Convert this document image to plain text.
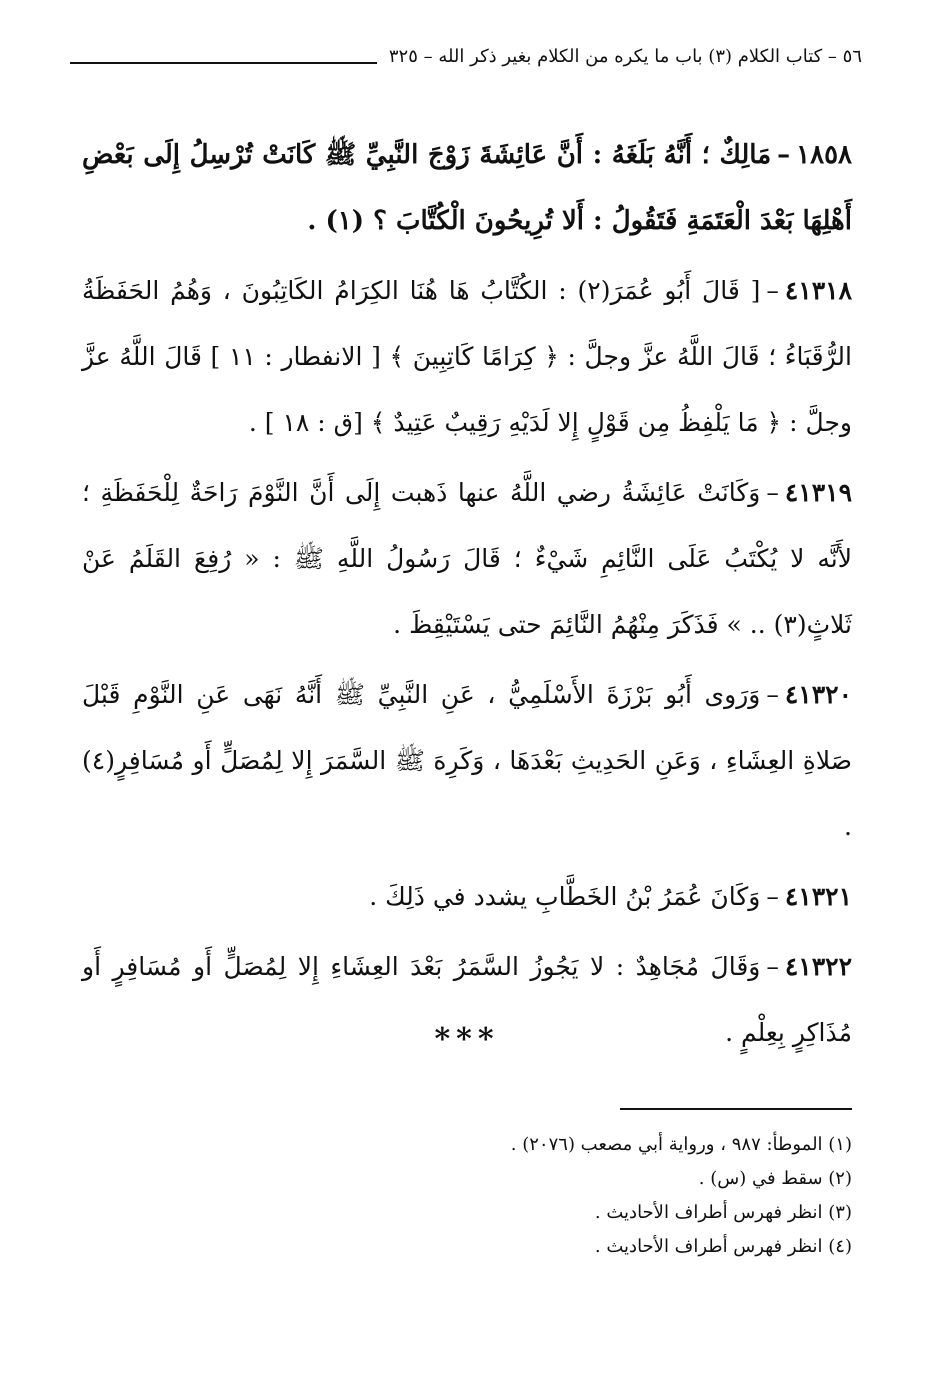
٥٦ – كتاب الكلام (٣) باب ما يكره من الكلام بغير ذكر الله – ٣٢٥

١٨٥٨–مَالِكٌ ؛ أَنَّهُ بَلَغَهُ : أَنَّ عَائِشَةَ زَوْجَ النَّبِيِّ ﷺ كَانَتْ تُرْسِلُ إِلَى بَعْضِ أَهْلِهَا بَعْدَ الْعَتَمَةِ فَتَقُولُ : أَلا تُرِيحُونَ الْكُتَّابَ ؟ (١) .

٤١٣١٨–[ قَالَ أَبُو عُمَرَ(٢) : الكُتَّابُ هَا هُنَا الكِرَامُ الكَاتِبُونَ ، وَهُمُ الحَفَظَةُ الرُّقَبَاءُ ؛ قَالَ اللَّهُ عزَّ وجلَّ : ﴿ كِرَامًا كَاتِبِينَ ﴾ [ الانفطار : ١١ ] قَالَ اللَّهُ عزَّ وجلَّ : ﴿ مَا يَلْفِظُ مِن قَوْلٍ إِلا لَدَيْهِ رَقِيبٌ عَتِيدٌ ﴾ [ق : ١٨ ] .

٤١٣١٩–وَكَانَتْ عَائِشَةُ رضي اللَّهُ عنها ذَهبت إِلَى أَنَّ النَّوْمَ رَاحَةٌ لِلْحَفَظَةِ ؛ لأَنَّه لا يُكْتَبُ عَلَى النَّائِمِ شَيْءٌ ؛ قَالَ رَسُولُ اللَّهِ ﷺ : « رُفِعَ القَلَمُ عَنْ ثَلاثٍ(٣) .. » فَذَكَرَ مِنْهُمُ النَّائِمَ حتى يَسْتَيْقِظَ .

٤١٣٢٠–وَرَوى أَبُو بَرْزَةَ الأَسْلَمِيُّ ، عَنِ النَّبِيِّ ﷺ أَنَّهُ نَهَى عَنِ النَّوْمِ قَبْلَ صَلاةِ العِشَاءِ ، وَعَنِ الحَدِيثِ بَعْدَهَا ، وَكَرِهَ ﷺ السَّمَرَ إِلا لِمُصَلٍّ أَو مُسَافِرٍ(٤) .

٤١٣٢١–وَكَانَ عُمَرُ بْنُ الخَطَّابِ يشدد في ذَلِكَ .

٤١٣٢٢–وَقَالَ مُجَاهِدٌ : لا يَجُوزُ السَّمَرُ بَعْدَ العِشَاءِ إِلا لِمُصَلٍّ أَو مُسَافِرٍ أَو مُذَاكِرٍ بِعِلْمٍ .

***
(١) الموطأ: ٩٨٧ ، ورواية أبي مصعب (٢٠٧٦) .
(٢) سقط في (س) .
(٣) انظر فهرس أطراف الأحاديث .
(٤) انظر فهرس أطراف الأحاديث .
